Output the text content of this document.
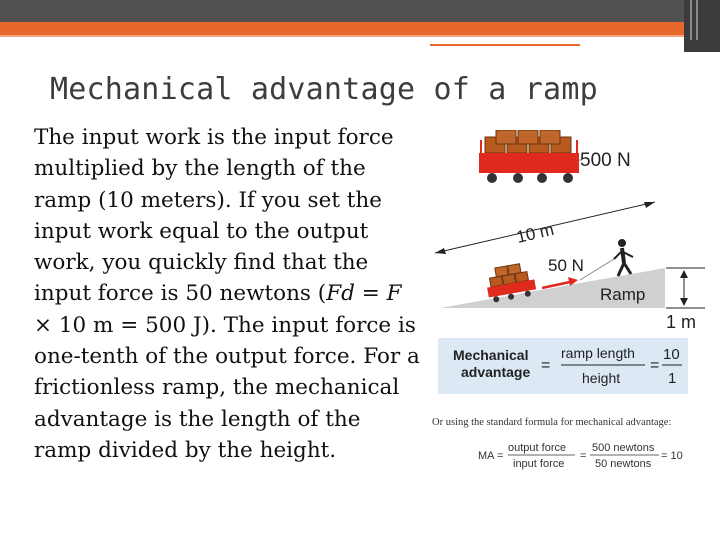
Mechanical advantage of a ramp

The input work is the input force multiplied by the length of the ramp (10 meters). If you set the input work equal to the output work, you quickly find that the input force is 50 newtons (Fd = F × 10 m = 500 J). The input force is one-tenth of the output force. For a frictionless ramp, the mechanical advantage is the length of the ramp divided by the height.

500 N
10 m
1 m
Ramp
50 N
Mechanical
advantage =
ramp length
height
=
10
1
Or using the standard formula for mechanical advantage:
MA =
output force
input force
=
500 newtons
50 newtons
= 10
